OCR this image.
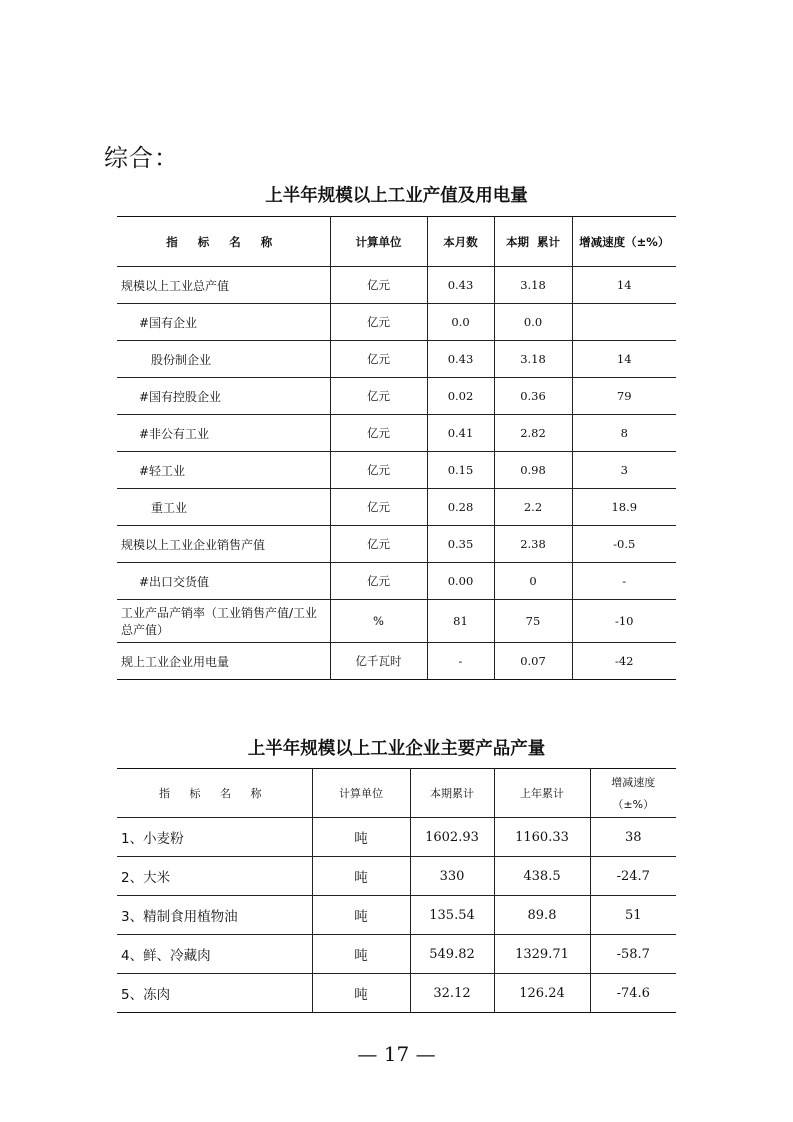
综合：
上半年规模以上工业产值及用电量
指 标 名 称	计算单位	本月数	本期  累计	增减速度（±%）
规模以上工业总产值	亿元	0.43	3.18	14
#国有企业	亿元	0.0	0.0	
股份制企业	亿元	0.43	3.18	14
#国有控股企业	亿元	0.02	0.36	79
#非公有工业	亿元	0.41	2.82	8
#轻工业	亿元	0.15	0.98	3
重工业	亿元	0.28	2.2	18.9
规模以上工业企业销售产值	亿元	0.35	2.38	-0.5
#出口交货值	亿元	0.00	0	-
工业产品产销率（工业销售产值/工业总产值）	%	81	75	-10
规上工业企业用电量	亿千瓦时	-	0.07	-42
上半年规模以上工业企业主要产品产量
指 标 名 称	计算单位	本期累计	上年累计	增减速度
（±%）

1、小麦粉	吨	1602.93	1160.33	38
2、大米	吨	330	438.5	-24.7
3、精制食用植物油	吨	135.54	89.8	51
4、鲜、冷藏肉	吨	549.82	1329.71	-58.7
5、冻肉	吨	32.12	126.24	-74.6
— 17 —
